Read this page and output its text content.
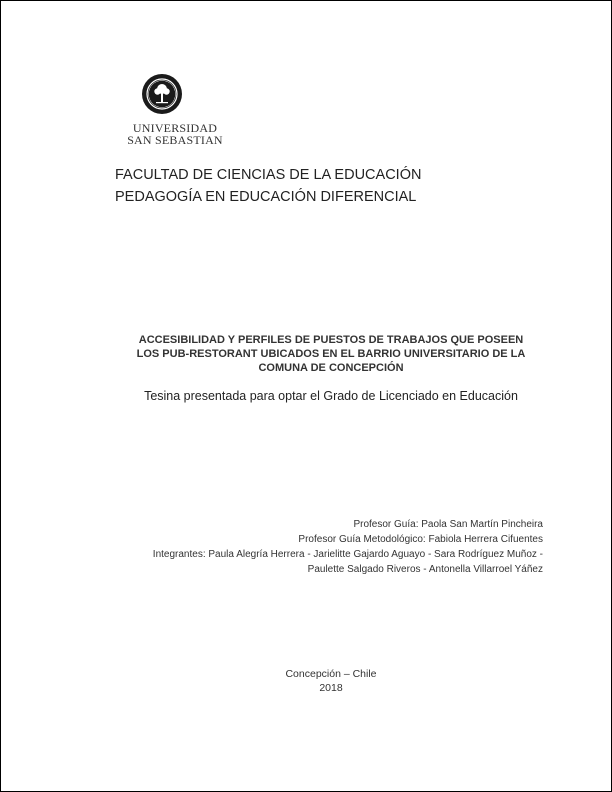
UNIVERSIDAD
SAN SEBASTIAN
FACULTAD DE CIENCIAS DE LA EDUCACIÓN
PEDAGOGÍA EN EDUCACIÓN DIFERENCIAL
ACCESIBILIDAD Y PERFILES DE PUESTOS DE TRABAJOS QUE POSEEN
LOS PUB-RESTORANT UBICADOS EN EL BARRIO UNIVERSITARIO DE LA
COMUNA DE CONCEPCIÓN
Tesina presentada para optar el Grado de Licenciado en Educación
Profesor Guía: Paola San Martín Pincheira
Profesor Guía Metodológico: Fabiola Herrera Cifuentes
Integrantes: Paula Alegría Herrera - Jarielitte Gajardo Aguayo - Sara Rodríguez Muñoz -
Paulette Salgado Riveros - Antonella Villarroel Yáñez
Concepción – Chile
2018
